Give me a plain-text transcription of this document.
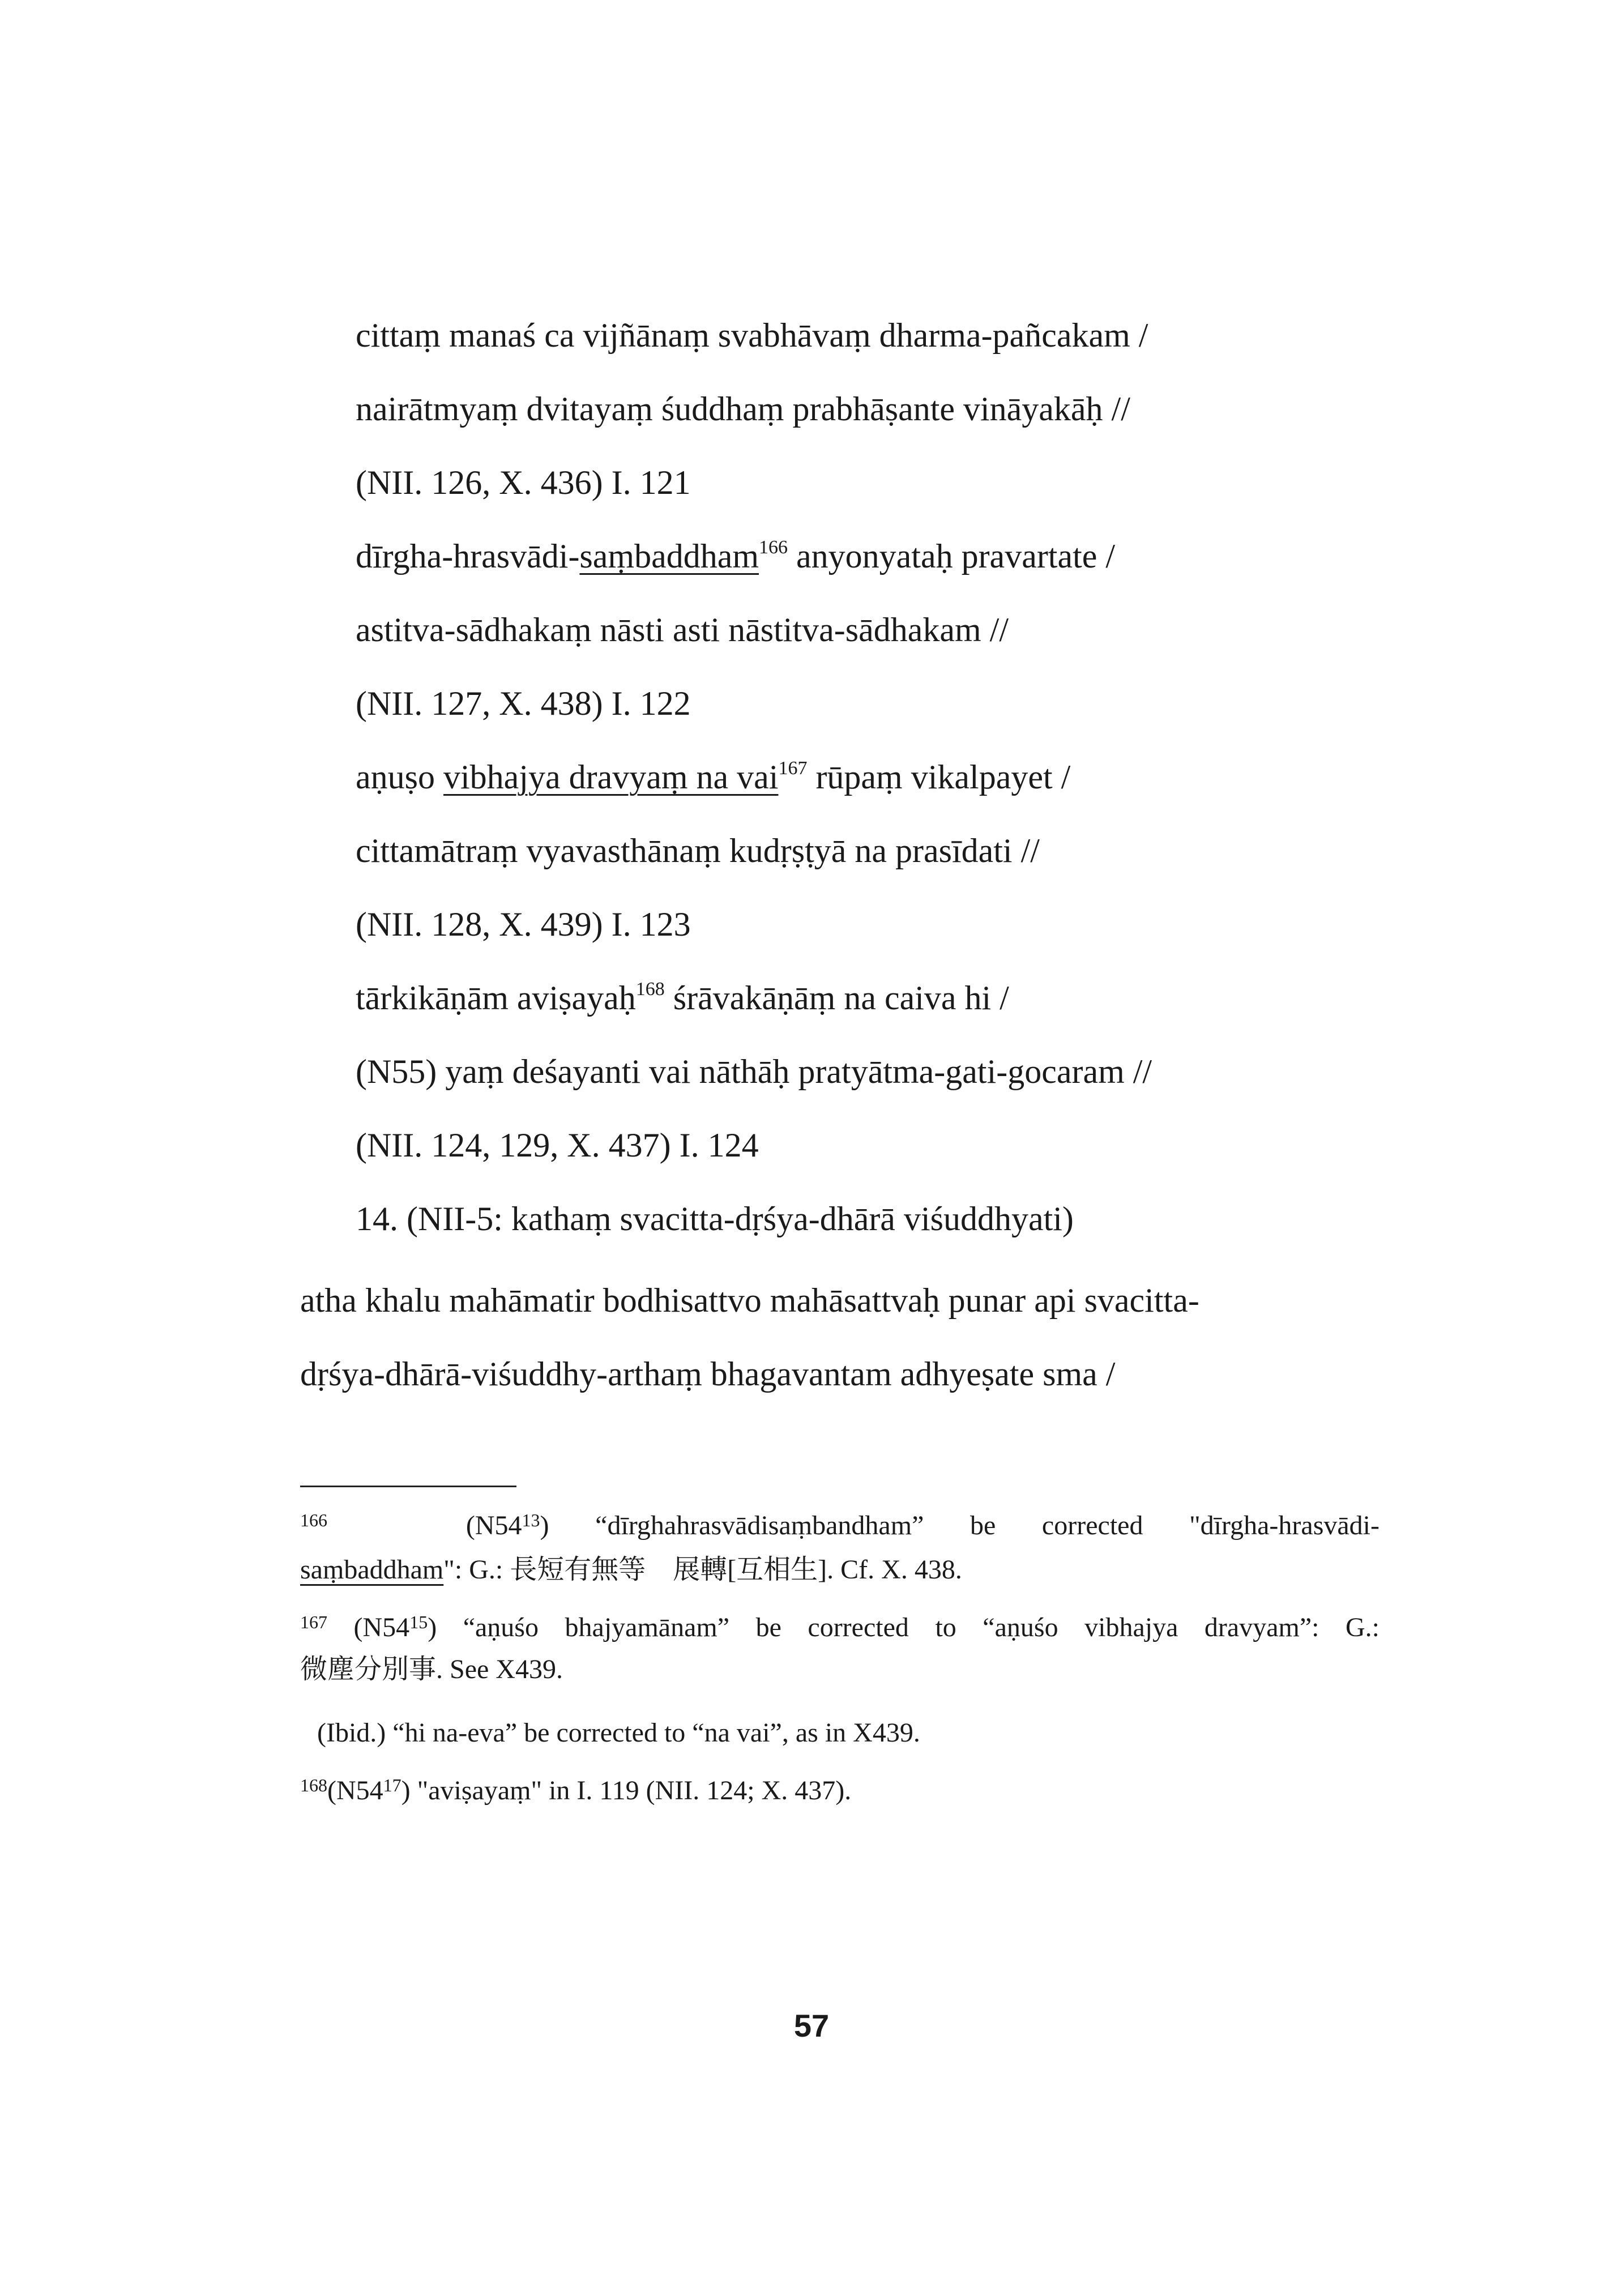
cittaṃ manaś ca vijñānaṃ svabhāvaṃ dharma-pañcakam /
nairātmyaṃ dvitayaṃ śuddhaṃ prabhāṣante vināyakāḥ //
(NII. 126, X. 436) I. 121
dīrgha-hrasvādi-saṃbaddham$^{166}$ anyonyataḥ pravartate /
astitva-sādhakaṃ nāsti asti nāstitva-sādhakam //
(NII. 127, X. 438) I. 122
aṇuṣo vibhajya dravyaṃ na vai$^{167}$ rūpaṃ vikalpayet /
cittamātraṃ vyavasthānaṃ kudṛṣṭyā na prasīdati //
(NII. 128, X. 439) I. 123
tārkikāṇām aviṣayaḥ$^{168}$ śrāvakāṇāṃ na caiva hi /
(N55) yaṃ deśayanti vai nāthāḥ pratyātma-gati-gocaram //
(NII. 124, 129, X. 437) I. 124
14. (NII-5: kathaṃ svacitta-dṛśya-dhārā viśuddhyati)
atha khalu mahāmatir bodhisattvo mahāsattvaḥ punar api svacitta-
dṛśya-dhārā-viśuddhy-arthaṃ bhagavantam adhyeṣate sma /
$^{166}$	$(N54^{13})$ “dīrghahrasvādisaṃbandham” be corrected "dīrgha-hrasvādi-
saṃbaddham": G.: 長短有無等　展轉[互相生]. Cf. X. 438.
$^{167}$ $(N54^{15})$ “aṇuśo bhajyamānam” be corrected to “aṇuśo vibhajya dravyam”: G.:
微塵分別事. See X439.
(Ibid.) “hi na-eva” be corrected to “na vai”, as in X439.
$^{168}(N54^{17})$ "aviṣayaṃ" in I. 119 (NII. 124; X. 437).
57
